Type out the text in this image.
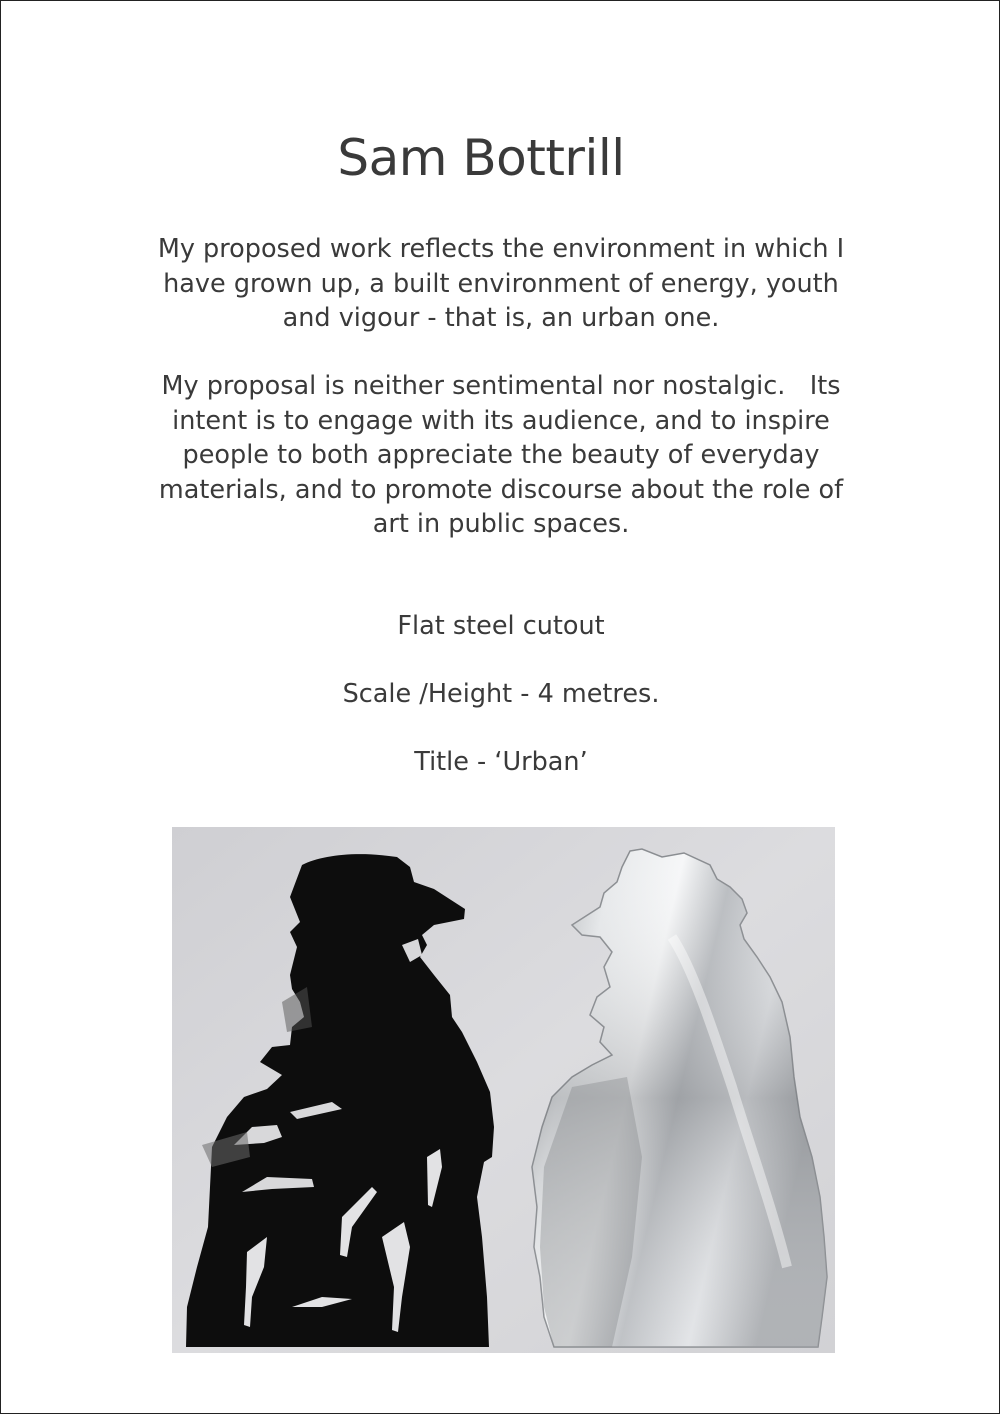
Sam Bottrill

My proposed work reflects the environment in which I have grown up, a built environment of energy, youth and vigour - that is, an urban one.

My proposal is neither sentimental nor nostalgic.   Its intent is to engage with its audience, and to inspire people to both appreciate the beauty of everyday materials, and to promote discourse about the role of art in public spaces.

Flat steel cutout
Scale /Height - 4 metres.
Title - ‘Urban’
